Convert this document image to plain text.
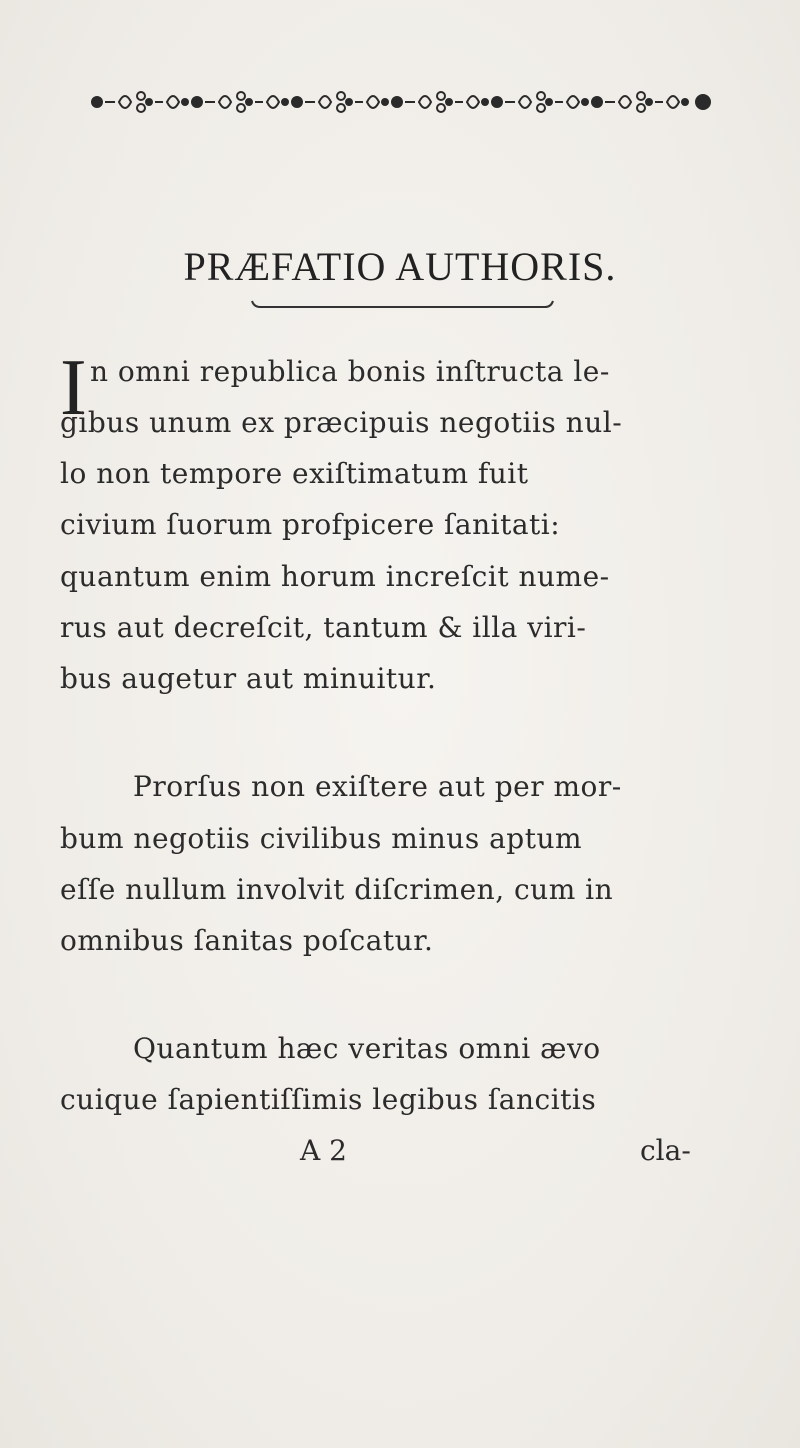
PRÆFATIO AUTHORIS.
I n omni republica bonis inſtructa le-
gibus unum ex præcipuis negotiis nul-
lo non tempore exiſtimatum fuit
civium ſuorum profpicere ſanitati:
quantum enim horum increſcit nume-
rus aut decreſcit, tantum & illa viri-
bus augetur aut minuitur.
Prorſus non exiſtere aut per mor-
bum negotiis civilibus minus aptum
eſſe nullum involvit diſcrimen, cum in
omnibus ſanitas poſcatur.
Quantum hæc veritas omni ævo
cuique ſapientiſſimis legibus ſancitis
A 2	cla-
